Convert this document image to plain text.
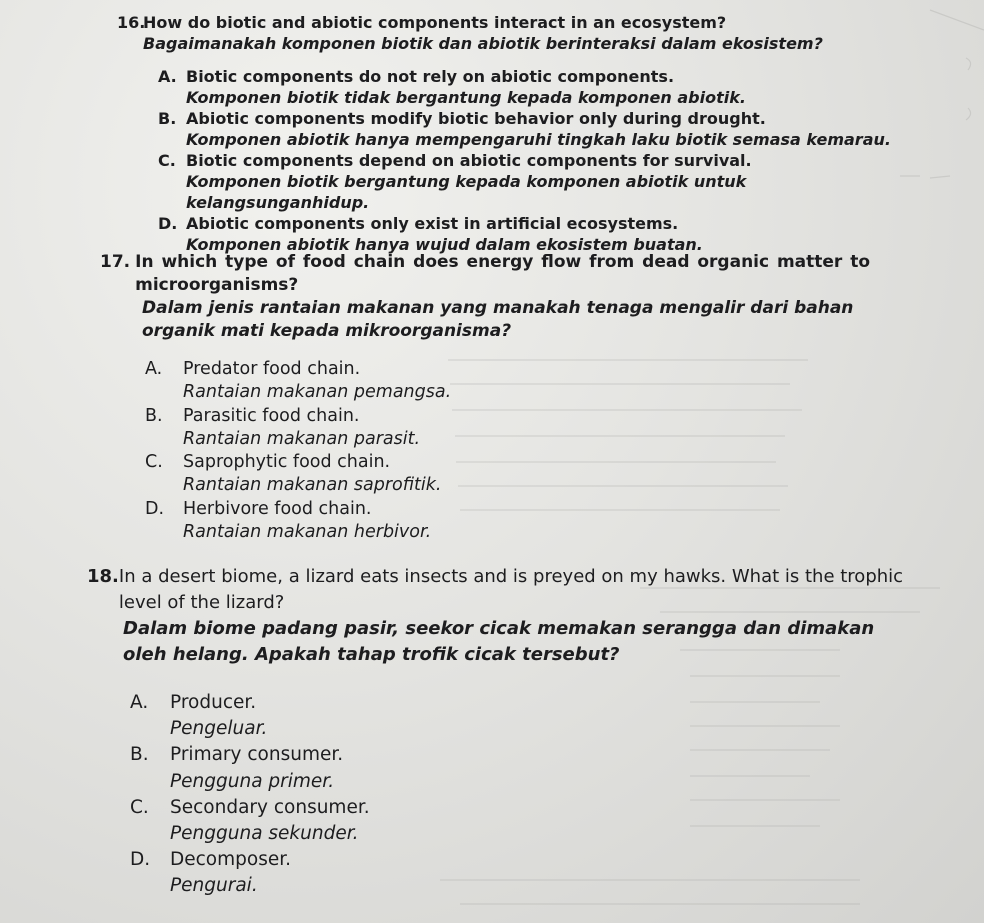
16.
How do biotic and abiotic components interact in an ecosystem?
Bagaimanakah komponen biotik dan abiotik berinteraksi dalam ekosistem?
A. Biotic components do not rely on abiotic components.
Komponen biotik tidak bergantung kepada komponen abiotik.
B. Abiotic components modify biotic behavior only during drought.
Komponen abiotik hanya mempengaruhi tingkah laku biotik semasa kemarau.
C. Biotic components depend on abiotic components for survival.
Komponen biotik bergantung kepada komponen abiotik untuk kelangsunganhidup.
D. Abiotic components only exist in artificial ecosystems.
Komponen abiotik hanya wujud dalam ekosistem buatan.
17. In which type of food chain does energy flow from dead organic matter to microorganisms?
Dalam jenis rantaian makanan yang manakah tenaga mengalir dari bahan organik mati kepada mikroorganisma?
A.	Predator food chain.
Rantaian makanan pemangsa.
B.	Parasitic food chain.
Rantaian makanan parasit.
C.	Saprophytic food chain.
Rantaian makanan saprofitik.
D.	Herbivore food chain.
Rantaian makanan herbivor.
18. In a desert biome, a lizard eats insects and is preyed on my hawks. What is the trophic level of the lizard?
Dalam biome padang pasir, seekor cicak memakan serangga dan dimakan oleh helang. Apakah tahap trofik cicak tersebut?
A.	Producer.
Pengeluar.
B.	Primary consumer.
Pengguna primer.
C.	Secondary consumer.
Pengguna sekunder.
D.	Decomposer.
Pengurai.
